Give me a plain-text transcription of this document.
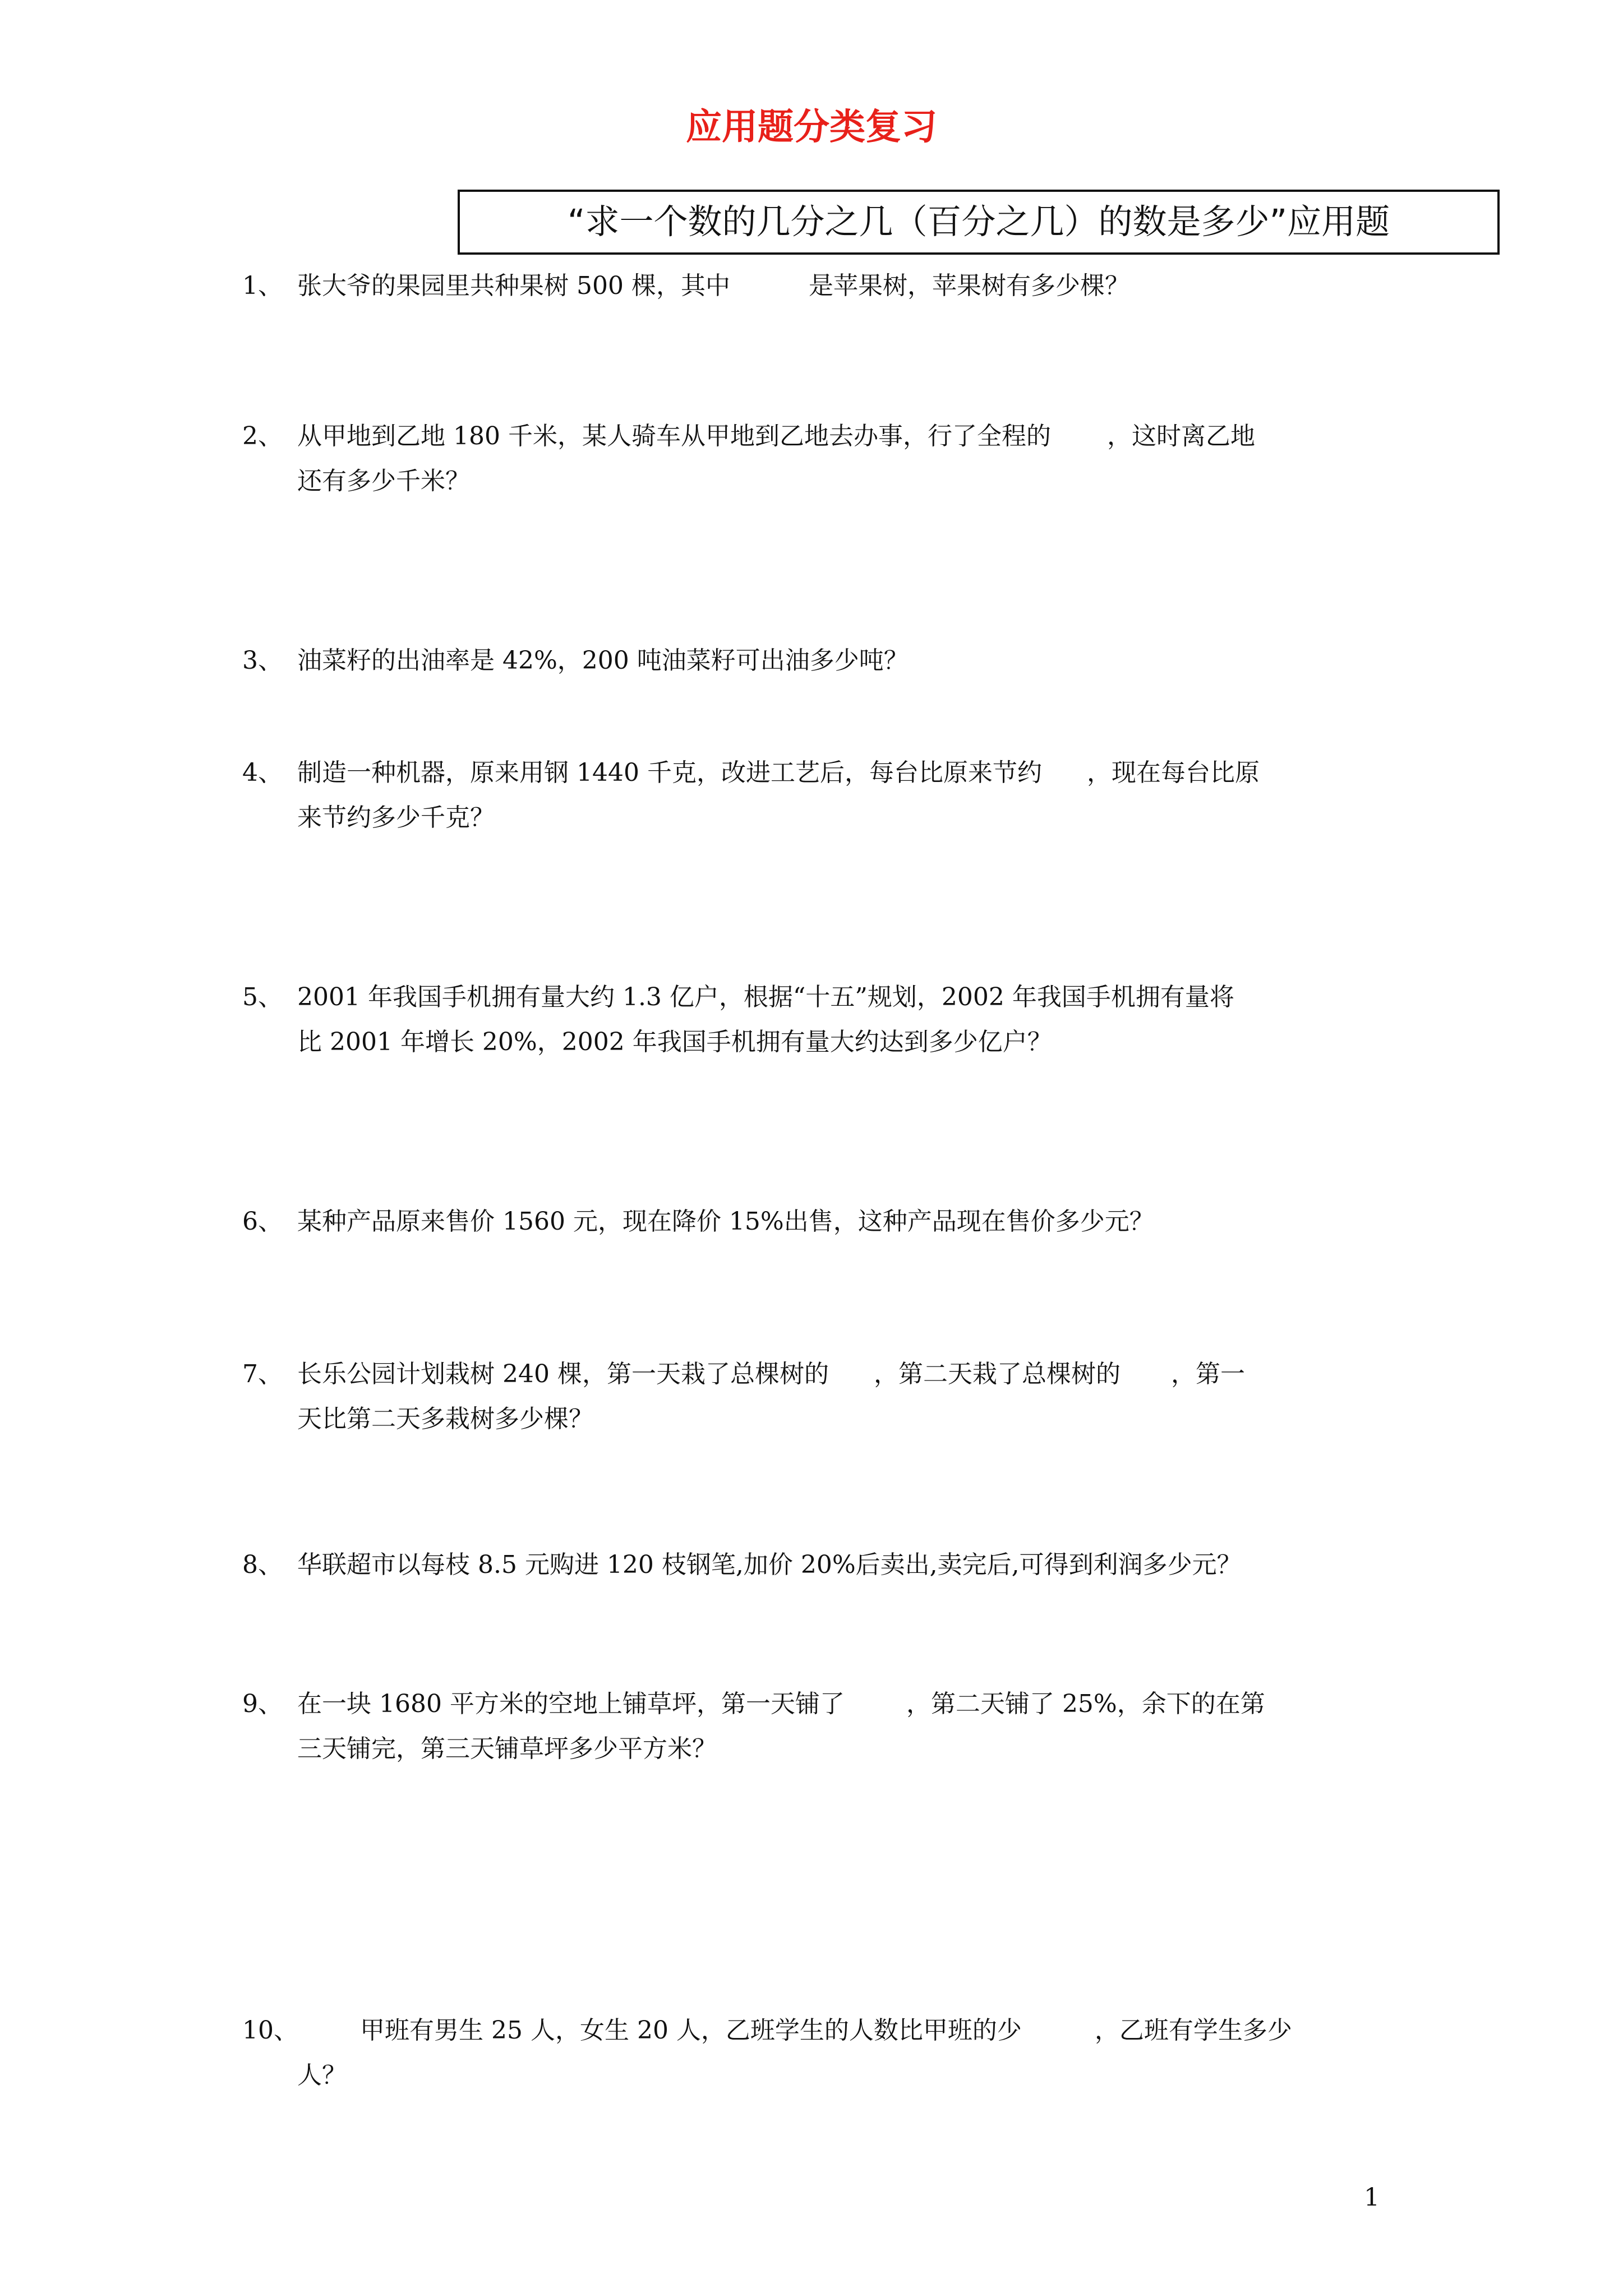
应用题分类复习
“求一个数的几分之几（百分之几）的数是多少”应用题
1、 张大爷的果园里共种果树 500 棵，其中	是苹果树，苹果树有多少棵？
2、 从甲地到乙地 180 千米，某人骑车从甲地到乙地去办事，行了全程的 ，这时离乙地
还有多少千米？
3、 油菜籽的出油率是 42%，200 吨油菜籽可出油多少吨？
4、 制造一种机器，原来用钢 1440 千克，改进工艺后，每台比原来节约 ，现在每台比原
来节约多少千克？
5、 2001 年我国手机拥有量大约 1.3 亿户，根据“十五”规划，2002 年我国手机拥有量将
比 2001 年增长 20%，2002 年我国手机拥有量大约达到多少亿户？
6、 某种产品原来售价 1560 元，现在降价 15%出售，这种产品现在售价多少元？
7、 长乐公园计划栽树 240 棵，第一天栽了总棵树的 ，第二天栽了总棵树的 ，第一
天比第二天多栽树多少棵？
8、 华联超市以每枝 8.5 元购进 120 枝钢笔,加价 20%后卖出,卖完后,可得到利润多少元？
9、 在一块 1680 平方米的空地上铺草坪，第一天铺了	，第二天铺了 25%，余下的在第
三天铺完，第三天铺草坪多少平方米？
10、	甲班有男生 25 人，女生 20 人，乙班学生的人数比甲班的少	，乙班有学生多少
人？
1
